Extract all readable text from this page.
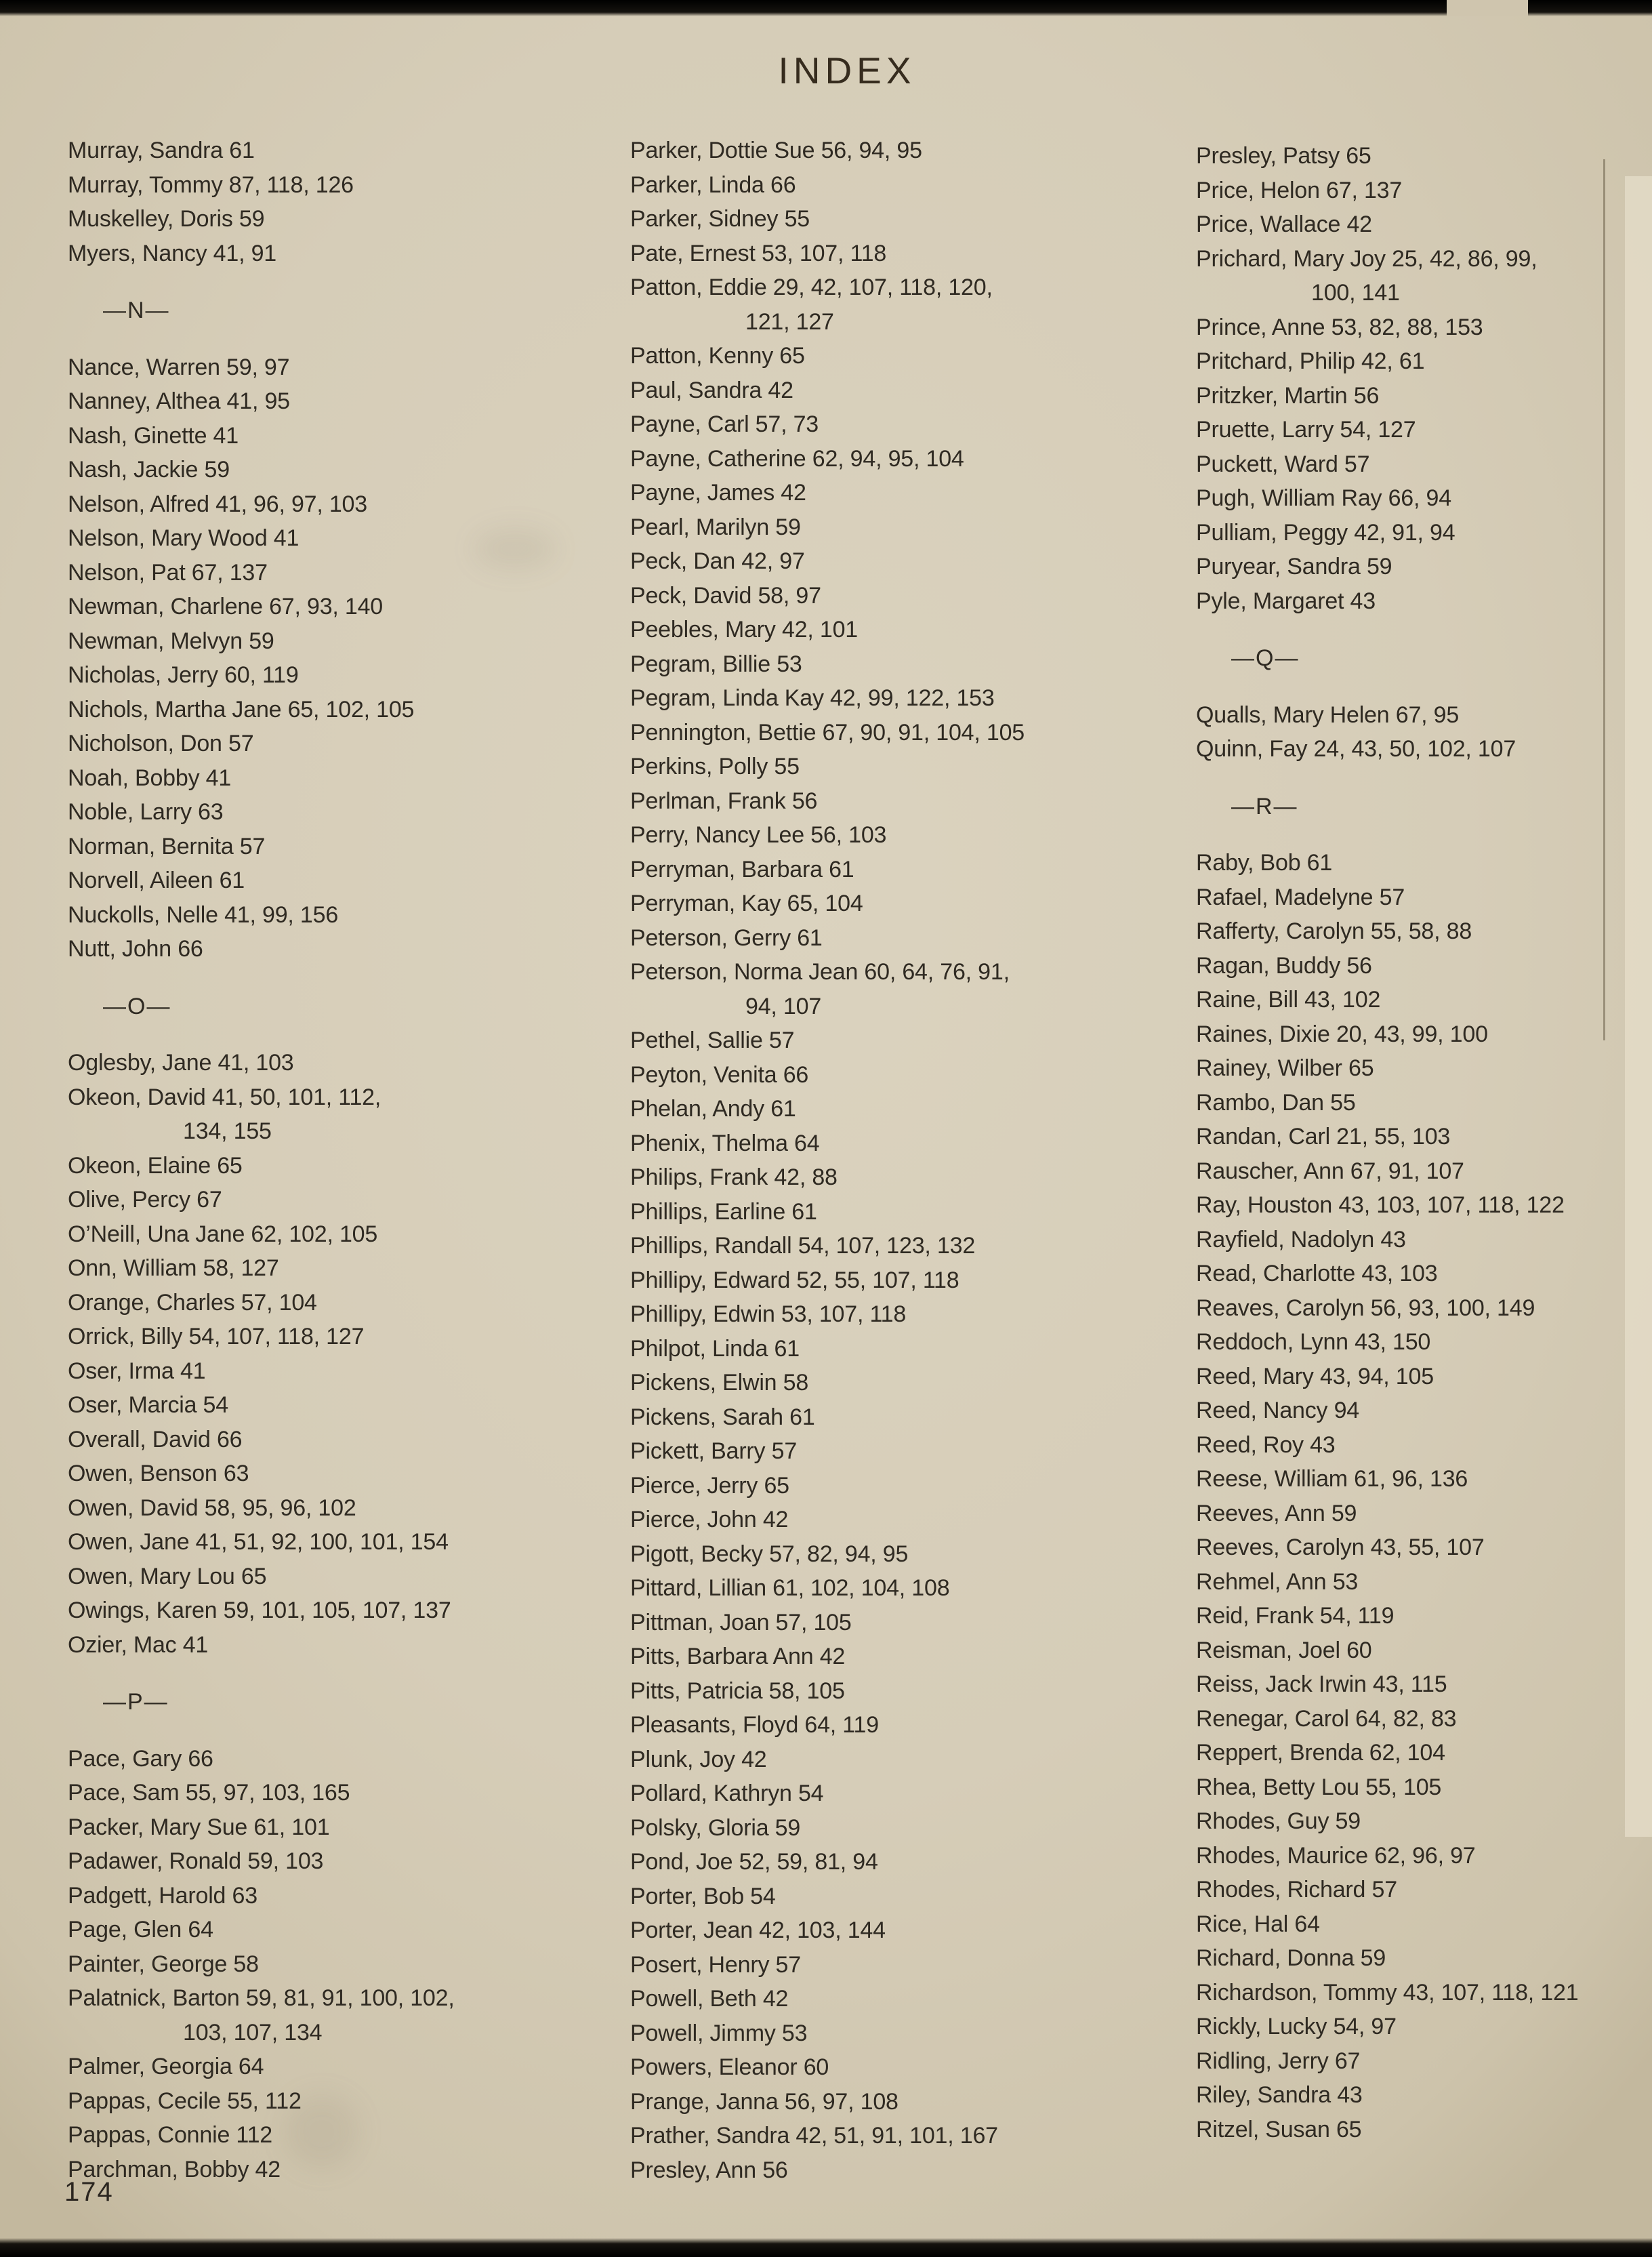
INDEX
Murray, Sandra 61
Murray, Tommy 87, 118, 126
Muskelley, Doris 59
Myers, Nancy 41, 91
—N—
Nance, Warren 59, 97
Nanney, Althea 41, 95
Nash, Ginette 41
Nash, Jackie 59
Nelson, Alfred 41, 96, 97, 103
Nelson, Mary Wood 41
Nelson, Pat 67, 137
Newman, Charlene 67, 93, 140
Newman, Melvyn 59
Nicholas, Jerry 60, 119
Nichols, Martha Jane 65, 102, 105
Nicholson, Don 57
Noah, Bobby 41
Noble, Larry 63
Norman, Bernita 57
Norvell, Aileen 61
Nuckolls, Nelle 41, 99, 156
Nutt, John 66
—O—
Oglesby, Jane 41, 103
Okeon, David 41, 50, 101, 112,
134, 155
Okeon, Elaine 65
Olive, Percy 67
O’Neill, Una Jane 62, 102, 105
Onn, William 58, 127
Orange, Charles 57, 104
Orrick, Billy 54, 107, 118, 127
Oser, Irma 41
Oser, Marcia 54
Overall, David 66
Owen, Benson 63
Owen, David 58, 95, 96, 102
Owen, Jane 41, 51, 92, 100, 101, 154
Owen, Mary Lou 65
Owings, Karen 59, 101, 105, 107, 137
Ozier, Mac 41
—P—
Pace, Gary 66
Pace, Sam 55, 97, 103, 165
Packer, Mary Sue 61, 101
Padawer, Ronald 59, 103
Padgett, Harold 63
Page, Glen 64
Painter, George 58
Palatnick, Barton 59, 81, 91, 100, 102,
103, 107, 134
Palmer, Georgia 64
Pappas, Cecile 55, 112
Pappas, Connie 112
Parchman, Bobby 42
Parker, Dottie Sue 56, 94, 95
Parker, Linda 66
Parker, Sidney 55
Pate, Ernest 53, 107, 118
Patton, Eddie 29, 42, 107, 118, 120,
121, 127
Patton, Kenny 65
Paul, Sandra 42
Payne, Carl 57, 73
Payne, Catherine 62, 94, 95, 104
Payne, James 42
Pearl, Marilyn 59
Peck, Dan 42, 97
Peck, David 58, 97
Peebles, Mary 42, 101
Pegram, Billie 53
Pegram, Linda Kay 42, 99, 122, 153
Pennington, Bettie 67, 90, 91, 104, 105
Perkins, Polly 55
Perlman, Frank 56
Perry, Nancy Lee 56, 103
Perryman, Barbara 61
Perryman, Kay 65, 104
Peterson, Gerry 61
Peterson, Norma Jean 60, 64, 76, 91,
94, 107
Pethel, Sallie 57
Peyton, Venita 66
Phelan, Andy 61
Phenix, Thelma 64
Philips, Frank 42, 88
Phillips, Earline 61
Phillips, Randall 54, 107, 123, 132
Phillipy, Edward 52, 55, 107, 118
Phillipy, Edwin 53, 107, 118
Philpot, Linda 61
Pickens, Elwin 58
Pickens, Sarah 61
Pickett, Barry 57
Pierce, Jerry 65
Pierce, John 42
Pigott, Becky 57, 82, 94, 95
Pittard, Lillian 61, 102, 104, 108
Pittman, Joan 57, 105
Pitts, Barbara Ann 42
Pitts, Patricia 58, 105
Pleasants, Floyd 64, 119
Plunk, Joy 42
Pollard, Kathryn 54
Polsky, Gloria 59
Pond, Joe 52, 59, 81, 94
Porter, Bob 54
Porter, Jean 42, 103, 144
Posert, Henry 57
Powell, Beth 42
Powell, Jimmy 53
Powers, Eleanor 60
Prange, Janna 56, 97, 108
Prather, Sandra 42, 51, 91, 101, 167
Presley, Ann 56
Presley, Patsy 65
Price, Helon 67, 137
Price, Wallace 42
Prichard, Mary Joy 25, 42, 86, 99,
100, 141
Prince, Anne 53, 82, 88, 153
Pritchard, Philip 42, 61
Pritzker, Martin 56
Pruette, Larry 54, 127
Puckett, Ward 57
Pugh, William Ray 66, 94
Pulliam, Peggy 42, 91, 94
Puryear, Sandra 59
Pyle, Margaret 43
—Q—
Qualls, Mary Helen 67, 95
Quinn, Fay 24, 43, 50, 102, 107
—R—
Raby, Bob 61
Rafael, Madelyne 57
Rafferty, Carolyn 55, 58, 88
Ragan, Buddy 56
Raine, Bill 43, 102
Raines, Dixie 20, 43, 99, 100
Rainey, Wilber 65
Rambo, Dan 55
Randan, Carl 21, 55, 103
Rauscher, Ann 67, 91, 107
Ray, Houston 43, 103, 107, 118, 122
Rayfield, Nadolyn 43
Read, Charlotte 43, 103
Reaves, Carolyn 56, 93, 100, 149
Reddoch, Lynn 43, 150
Reed, Mary 43, 94, 105
Reed, Nancy 94
Reed, Roy 43
Reese, William 61, 96, 136
Reeves, Ann 59
Reeves, Carolyn 43, 55, 107
Rehmel, Ann 53
Reid, Frank 54, 119
Reisman, Joel 60
Reiss, Jack Irwin 43, 115
Renegar, Carol 64, 82, 83
Reppert, Brenda 62, 104
Rhea, Betty Lou 55, 105
Rhodes, Guy 59
Rhodes, Maurice 62, 96, 97
Rhodes, Richard 57
Rice, Hal 64
Richard, Donna 59
Richardson, Tommy 43, 107, 118, 121
Rickly, Lucky 54, 97
Ridling, Jerry 67
Riley, Sandra 43
Ritzel, Susan 65
174
